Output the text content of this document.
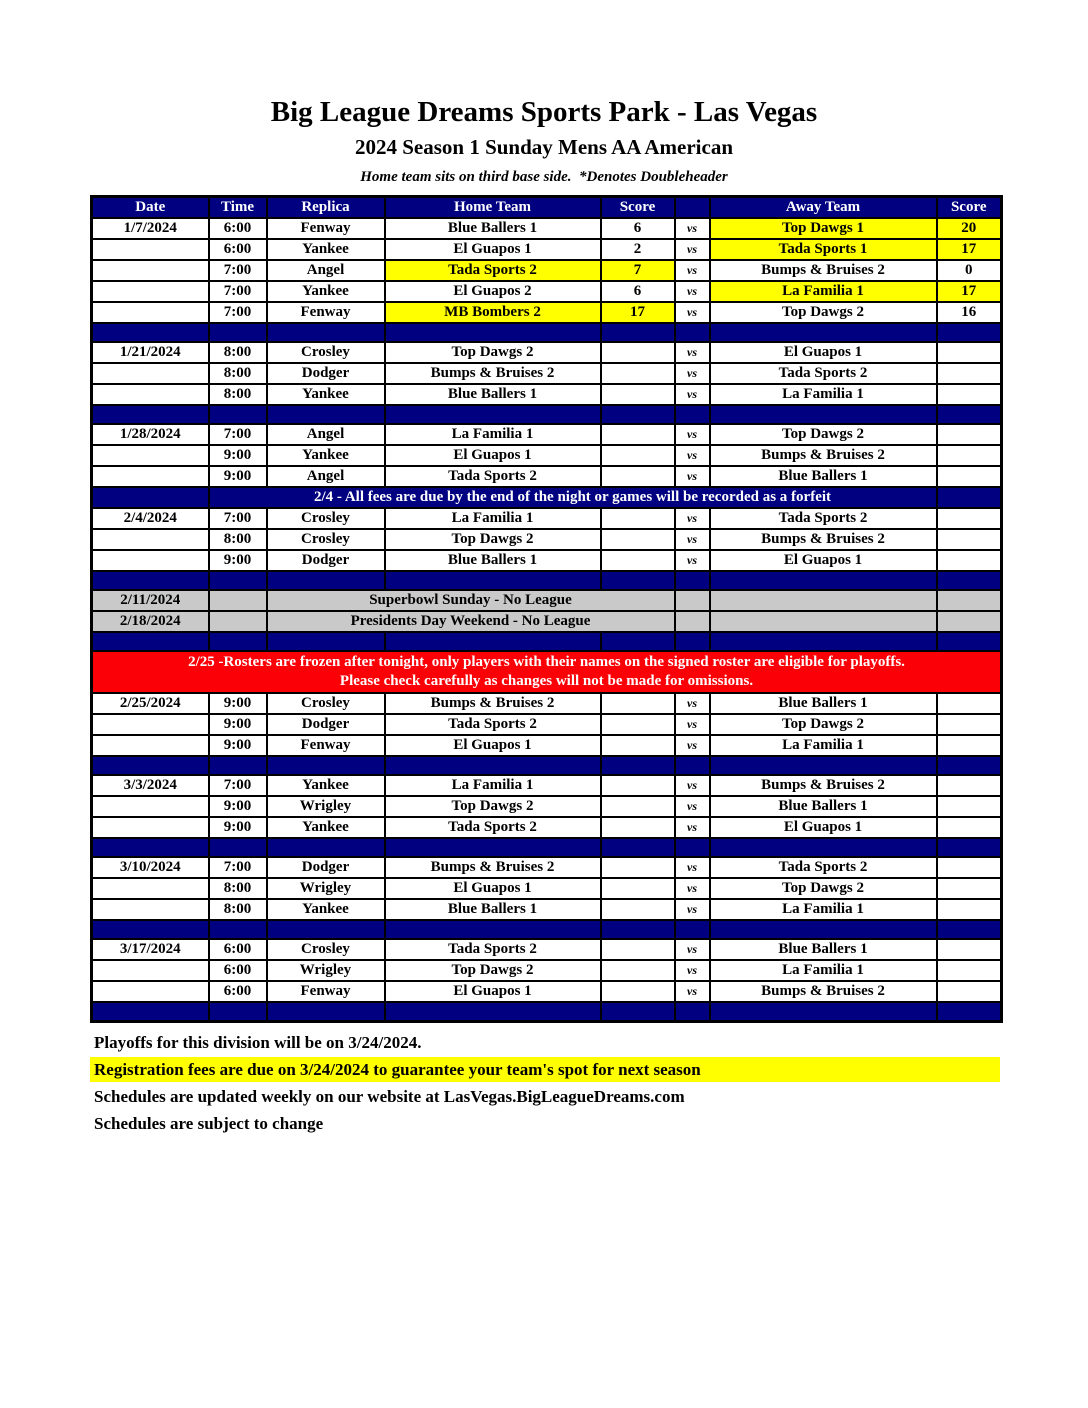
Big League Dreams Sports Park - Las Vegas
2024 Season 1 Sunday Mens AA American
Home team sits on third base side.  *Denotes Doubleheader
Date	Time	Replica	Home Team	Score		Away Team	Score
1/7/2024	6:00	Fenway	Blue Ballers 1	6	vs	Top Dawgs 1	20
	6:00	Yankee	El Guapos 1	2	vs	Tada Sports 1	17
	7:00	Angel	Tada Sports 2	7	vs	Bumps & Bruises 2	0
	7:00	Yankee	El Guapos 2	6	vs	La Familia 1	17
	7:00	Fenway	MB Bombers 2	17	vs	Top Dawgs 2	16

1/21/2024	8:00	Crosley	Top Dawgs 2		vs	El Guapos 1	
	8:00	Dodger	Bumps & Bruises 2		vs	Tada Sports 2	
	8:00	Yankee	Blue Ballers 1		vs	La Familia 1	

1/28/2024	7:00	Angel	La Familia 1		vs	Top Dawgs 2	
	9:00	Yankee	El Guapos 1		vs	Bumps & Bruises 2	
	9:00	Angel	Tada Sports 2		vs	Blue Ballers 1	
	2/4 - All fees are due by the end of the night or games will be recorded as a forfeit						
2/4/2024	7:00	Crosley	La Familia 1		vs	Tada Sports 2	
	8:00	Crosley	Top Dawgs 2		vs	Bumps & Bruises 2	
	9:00	Dodger	Blue Ballers 1		vs	El Guapos 1	

2/11/2024		Superbowl Sunday - No League					
2/18/2024		Presidents Day Weekend - No League					

2/25 -Rosters are frozen after tonight, only players with their names on the signed roster are eligible for playoffs.
Please check carefully as changes will not be made for omissions.							

2/25/2024	9:00	Crosley	Bumps & Bruises 2		vs	Blue Ballers 1	
	9:00	Dodger	Tada Sports 2		vs	Top Dawgs 2	
	9:00	Fenway	El Guapos 1		vs	La Familia 1	

3/3/2024	7:00	Yankee	La Familia 1		vs	Bumps & Bruises 2	
	9:00	Wrigley	Top Dawgs 2		vs	Blue Ballers 1	
	9:00	Yankee	Tada Sports 2		vs	El Guapos 1	

3/10/2024	7:00	Dodger	Bumps & Bruises 2		vs	Tada Sports 2	
	8:00	Wrigley	El Guapos 1		vs	Top Dawgs 2	
	8:00	Yankee	Blue Ballers 1		vs	La Familia 1	

3/17/2024	6:00	Crosley	Tada Sports 2		vs	Blue Ballers 1	
	6:00	Wrigley	Top Dawgs 2		vs	La Familia 1	
	6:00	Fenway	El Guapos 1		vs	Bumps & Bruises 2	

Playoffs for this division will be on 3/24/2024.
Registration fees are due on 3/24/2024 to guarantee your team's spot for next season
Schedules are updated weekly on our website at LasVegas.BigLeagueDreams.com
Schedules are subject to change
